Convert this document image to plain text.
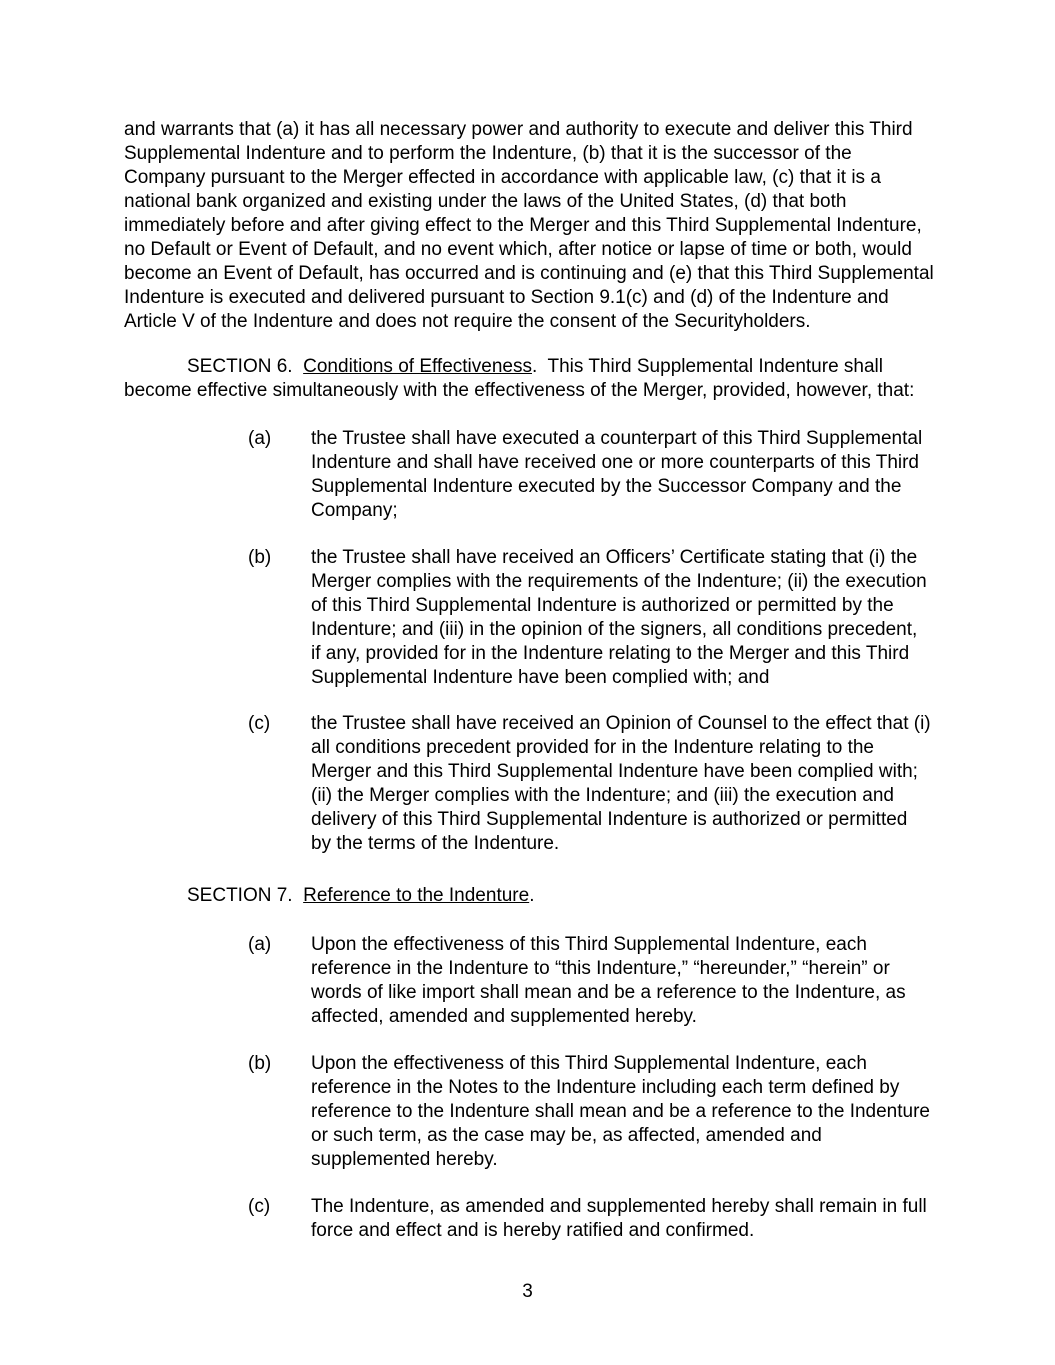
and warrants that (a) it has all necessary power and authority to execute and deliver this Third Supplemental Indenture and to perform the Indenture, (b) that it is the successor of the Company pursuant to the Merger effected in accordance with applicable law, (c) that it is a national bank organized and existing under the laws of the United States, (d) that both immediately before and after giving effect to the Merger and this Third Supplemental Indenture, no Default or Event of Default, and no event which, after notice or lapse of time or both, would become an Event of Default, has occurred and is continuing and (e) that this Third Supplemental Indenture is executed and delivered pursuant to Section 9.1(c) and (d) of the Indenture and Article V of the Indenture and does not require the consent of the Securityholders.

SECTION 6. Conditions of Effectiveness. This Third Supplemental Indenture shall become effective simultaneously with the effectiveness of the Merger, provided, however, that:

(a)	the Trustee shall have executed a counterpart of this Third Supplemental Indenture and shall have received one or more counterparts of this Third Supplemental Indenture executed by the Successor Company and the Company;
(b)	the Trustee shall have received an Officers’ Certificate stating that (i) the Merger complies with the requirements of the Indenture; (ii) the execution of this Third Supplemental Indenture is authorized or permitted by the Indenture; and (iii) in the opinion of the signers, all conditions precedent, if any, provided for in the Indenture relating to the Merger and this Third Supplemental Indenture have been complied with; and
(c)	the Trustee shall have received an Opinion of Counsel to the effect that (i) all conditions precedent provided for in the Indenture relating to the Merger and this Third Supplemental Indenture have been complied with; (ii) the Merger complies with the Indenture; and (iii) the execution and delivery of this Third Supplemental Indenture is authorized or permitted by the terms of the Indenture.

SECTION 7. Reference to the Indenture.

(a)	Upon the effectiveness of this Third Supplemental Indenture, each reference in the Indenture to “this Indenture,” “hereunder,” “herein” or words of like import shall mean and be a reference to the Indenture, as affected, amended and supplemented hereby.
(b)	Upon the effectiveness of this Third Supplemental Indenture, each reference in the Notes to the Indenture including each term defined by reference to the Indenture shall mean and be a reference to the Indenture or such term, as the case may be, as affected, amended and supplemented hereby.
(c)	The Indenture, as amended and supplemented hereby shall remain in full force and effect and is hereby ratified and confirmed.
3
